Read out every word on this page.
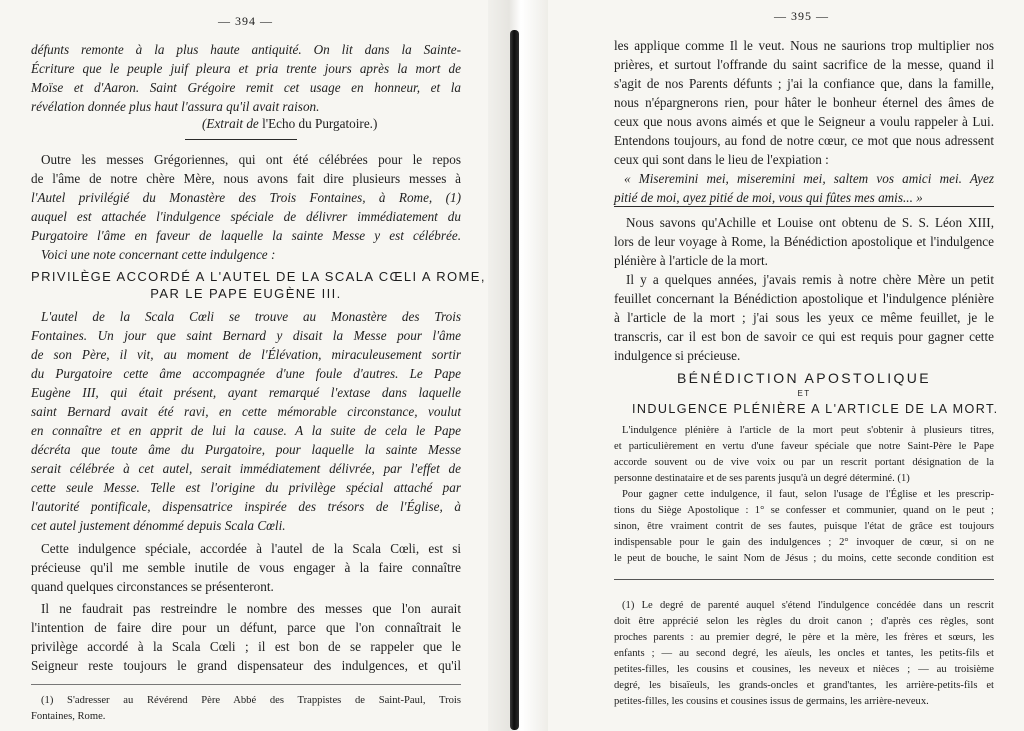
— 394 —
défunts remonte à la plus haute antiquité. On lit dans la Sainte-
Écriture que le peuple juif pleura et pria trente jours après la mort de
Moïse et d'Aaron. Saint Grégoire remit cet usage en honneur, et la
révélation donnée plus haut l'assura qu'il avait raison.
(Extrait de l'Echo du Purgatoire.)
Outre les messes Grégoriennes, qui ont été célébrées pour le repos
de l'âme de notre chère Mère, nous avons fait dire plusieurs messes à
l'Autel privilégié du Monastère des Trois Fontaines, à Rome, (1)
auquel est attachée l'indulgence spéciale de délivrer immédiatement du
Purgatoire l'âme en faveur de laquelle la sainte Messe y est célébrée.
Voici une note concernant cette indulgence :
PRIVILÈGE ACCORDÉ A L'AUTEL DE LA SCALA CŒLI A ROME,
PAR LE PAPE EUGÈNE III.
L'autel de la Scala Cœli se trouve au Monastère des Trois
Fontaines. Un jour que saint Bernard y disait la Messe pour l'âme
de son Père, il vit, au moment de l'Élévation, miraculeusement sortir
du Purgatoire cette âme accompagnée d'une foule d'autres. Le Pape
Eugène III, qui était présent, ayant remarqué l'extase dans laquelle
saint Bernard avait été ravi, en cette mémorable circonstance, voulut
en connaître et en apprit de lui la cause. A la suite de cela le Pape
décréta que toute âme du Purgatoire, pour laquelle la sainte Messe
serait célébrée à cet autel, serait immédiatement délivrée, par l'effet de
cette seule Messe. Telle est l'origine du privilège spécial attaché par
l'autorité pontificale, dispensatrice inspirée des trésors de l'Église, à
cet autel justement dénommé depuis Scala Cœli.
Cette indulgence spéciale, accordée à l'autel de la Scala Cœli, est si
précieuse qu'il me semble inutile de vous engager à la faire connaître
quand quelques circonstances se présenteront.
Il ne faudrait pas restreindre le nombre des messes que l'on aurait
l'intention de faire dire pour un défunt, parce que l'on connaîtrait le
privilège accordé à la Scala Cœli ; il est bon de se rappeler que le
Seigneur reste toujours le grand dispensateur des indulgences, et qu'il
(1) S'adresser au Révérend Père Abbé des Trappistes de Saint-Paul, Trois
Fontaines, Rome.
— 395 —
les applique comme Il le veut. Nous ne saurions trop multiplier nos
prières, et surtout l'offrande du saint sacrifice de la messe, quand il
s'agit de nos Parents défunts ; j'ai la confiance que, dans la famille,
nous n'épargnerons rien, pour hâter le bonheur éternel des âmes de
ceux que nous avons aimés et que le Seigneur a voulu rappeler à Lui.
Entendons toujours, au fond de notre cœur, ce mot que nous adressent
ceux qui sont dans le lieu de l'expiation :
« Miseremini mei, miseremini mei, saltem vos amici mei. Ayez
pitié de moi, ayez pitié de moi, vous qui fûtes mes amis... »
Nous savons qu'Achille et Louise ont obtenu de S. S. Léon XIII,
lors de leur voyage à Rome, la Bénédiction apostolique et l'indulgence
plénière à l'article de la mort.
Il y a quelques années, j'avais remis à notre chère Mère un petit
feuillet concernant la Bénédiction apostolique et l'indulgence plénière
à l'article de la mort ; j'ai sous les yeux ce même feuillet, je le
transcris, car il est bon de savoir ce qui est requis pour gagner cette
indulgence si précieuse.
BÉNÉDICTION APOSTOLIQUE
ET
INDULGENCE PLÉNIÈRE A L'ARTICLE DE LA MORT.
L'indulgence plénière à l'article de la mort peut s'obtenir à plusieurs titres,
et particulièrement en vertu d'une faveur spéciale que notre Saint-Père le Pape
accorde souvent ou de vive voix ou par un rescrit portant désignation de la
personne destinataire et de ses parents jusqu'à un degré déterminé. (1)
Pour gagner cette indulgence, il faut, selon l'usage de l'Église et les prescrip-
tions du Siège Apostolique : 1° se confesser et communier, quand on le peut ;
sinon, être vraiment contrit de ses fautes, puisque l'état de grâce est toujours
indispensable pour le gain des indulgences ; 2° invoquer de cœur, si on ne
le peut de bouche, le saint Nom de Jésus ; du moins, cette seconde condition est
(1) Le degré de parenté auquel s'étend l'indulgence concédée dans un rescrit
doit être apprécié selon les règles du droit canon ; d'après ces règles, sont
proches parents : au premier degré, le père et la mère, les frères et sœurs, les
enfants ; — au second degré, les aïeuls, les oncles et tantes, les petits-fils et
petites-filles, les cousins et cousines, les neveux et nièces ; — au troisième
degré, les bisaïeuls, les grands-oncles et grand'tantes, les arrière-petits-fils et
petites-filles, les cousins et cousines issus de germains, les arrière-neveux.
